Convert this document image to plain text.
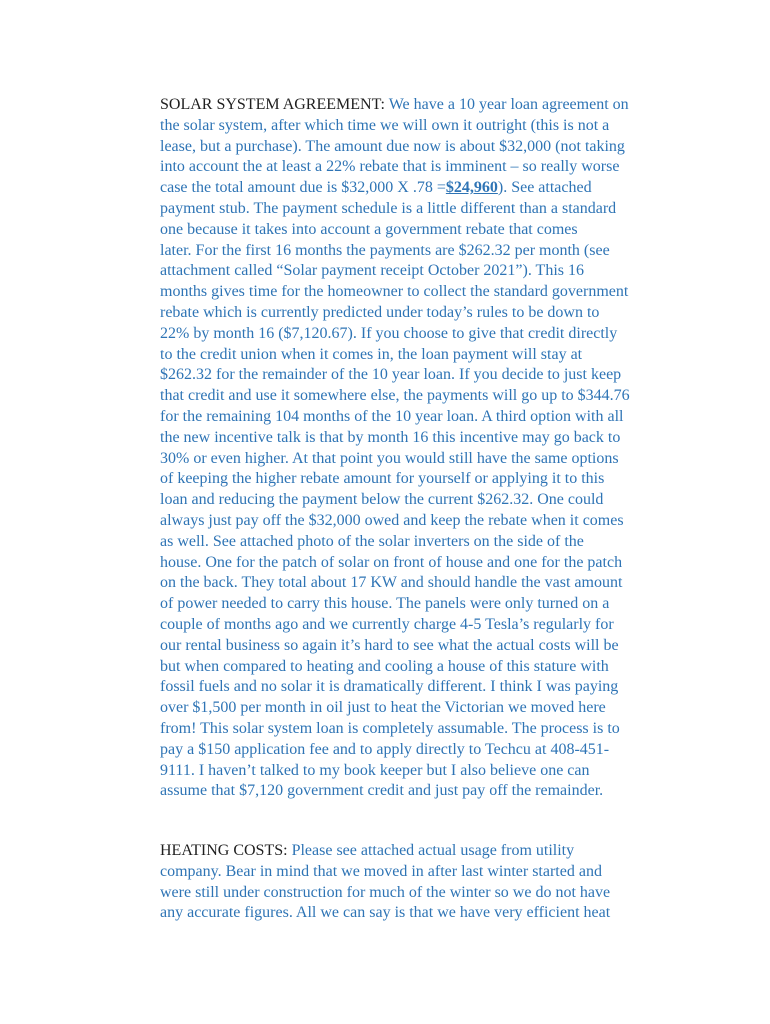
SOLAR SYSTEM AGREEMENT: We have a 10 year loan agreement on
the solar system, after which time we will own it outright (this is not a
lease, but a purchase). The amount due now is about $32,000 (not taking
into account the at least a 22% rebate that is imminent – so really worse
case the total amount due is $32,000 X .78 =$24,960). See attached
payment stub. The payment schedule is a little different than a standard
one because it takes into account a government rebate that comes
later. For the first 16 months the payments are $262.32 per month (see
attachment called “Solar payment receipt October 2021”). This 16
months gives time for the homeowner to collect the standard government
rebate which is currently predicted under today’s rules to be down to
22% by month 16 ($7,120.67). If you choose to give that credit directly
to the credit union when it comes in, the loan payment will stay at
$262.32 for the remainder of the 10 year loan. If you decide to just keep
that credit and use it somewhere else, the payments will go up to $344.76
for the remaining 104 months of the 10 year loan. A third option with all
the new incentive talk is that by month 16 this incentive may go back to
30% or even higher. At that point you would still have the same options
of keeping the higher rebate amount for yourself or applying it to this
loan and reducing the payment below the current $262.32. One could
always just pay off the $32,000 owed and keep the rebate when it comes
as well. See attached photo of the solar inverters on the side of the
house. One for the patch of solar on front of house and one for the patch
on the back. They total about 17 KW and should handle the vast amount
of power needed to carry this house. The panels were only turned on a
couple of months ago and we currently charge 4-5 Tesla’s regularly for
our rental business so again it’s hard to see what the actual costs will be
but when compared to heating and cooling a house of this stature with
fossil fuels and no solar it is dramatically different. I think I was paying
over $1,500 per month in oil just to heat the Victorian we moved here
from! This solar system loan is completely assumable. The process is to
pay a $150 application fee and to apply directly to Techcu at 408-451-
9111. I haven’t talked to my book keeper but I also believe one can
assume that $7,120 government credit and just pay off the remainder.
HEATING COSTS: Please see attached actual usage from utility
company. Bear in mind that we moved in after last winter started and
were still under construction for much of the winter so we do not have
any accurate figures. All we can say is that we have very efficient heat
